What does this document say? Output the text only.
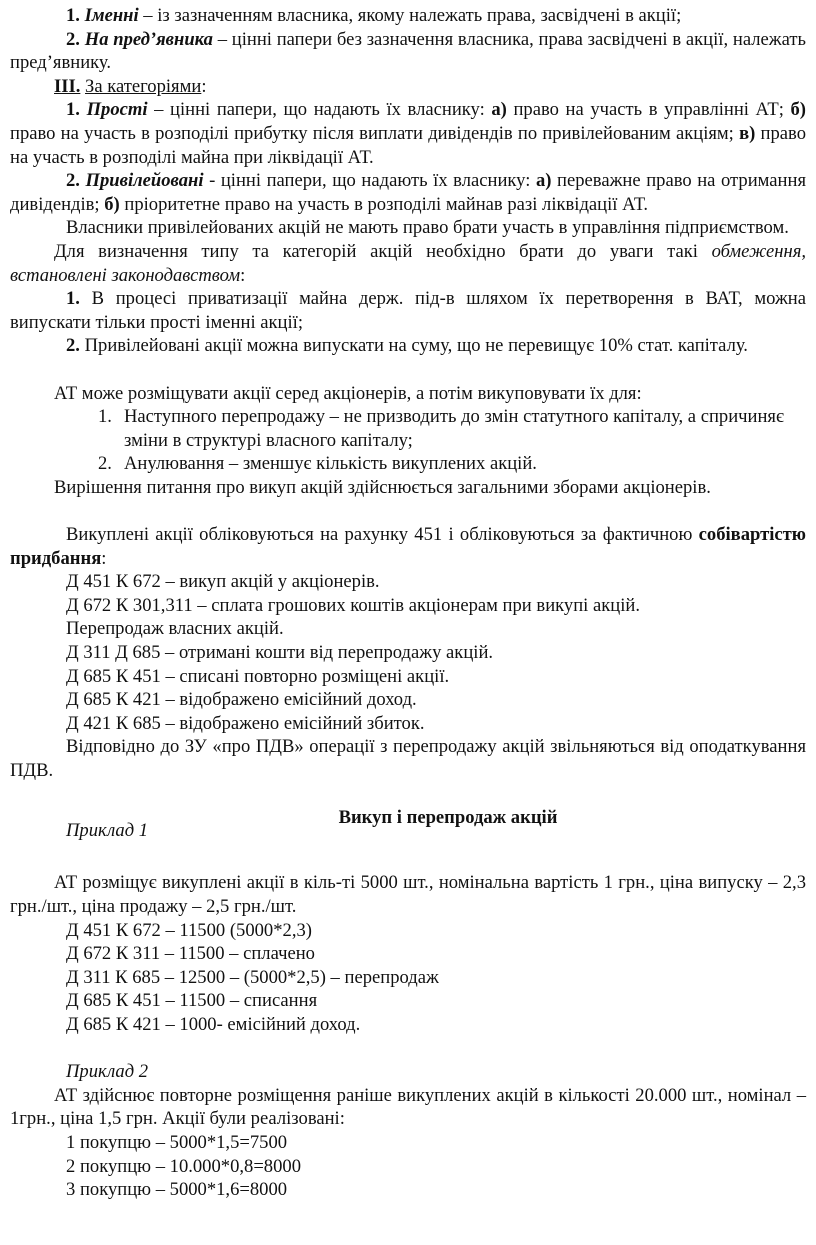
1. Іменні – із зазначенням власника, якому належать права, засвідчені в акції;

2. На пред’явника – цінні папери без зазначення власника, права засвідчені в акції, належать пред’явнику.

ІІІ. За категоріями:

1. Прості – цінні папери, що надають їх власнику: а) право на участь в управлінні АТ; б) право на участь в розподілі прибутку після виплати дивідендів по привілейованим акціям; в) право на участь в розподілі майна при ліквідації АТ.

2. Привілейовані - цінні папери, що надають їх власнику: а) переважне право на отримання дивідендів; б) пріоритетне право на участь в розподілі майнав разі ліквідації АТ.

Власники привілейованих акцій не мають право брати участь в управління підприємством.

Для визначення типу та категорій акцій необхідно брати до уваги такі обмеження, встановлені законодавством:

1. В процесі приватизації майна держ. під-в шляхом їх перетворення в ВАТ, можна випускати тільки прості іменні акції;

2. Привілейовані акції можна випускати на суму, що не перевищує 10% стат. капіталу.

АТ може розміщувати акції серед акціонерів, а потім викуповувати їх для:

1. Наступного перепродажу – не призводить до змін статутного капіталу, а спричиняє зміни в структурі власного капіталу;
2. Анулювання – зменшує кількість викуплених акцій.

Вирішення питання про викуп акцій здійснюється загальними зборами акціонерів.

Викуплені акції обліковуються на рахунку 451 і обліковуються за фактичною собівартістю придбання:

Д 451 К 672 – викуп акцій у акціонерів.

Д 672 К 301,311 – сплата грошових коштів акціонерам при викупі акцій.

Перепродаж власних акцій.

Д 311 Д 685 – отримані кошти від перепродажу акцій.

Д 685 К 451 – списані повторно розміщені акції.

Д 685 К 421 – відображено емісійний доход.

Д 421 К 685 – відображено емісійний збиток.

Відповідно до ЗУ «про ПДВ» операції з перепродажу акцій звільняються від оподаткування ПДВ.

Викуп і перепродаж акцій
Приклад 1

АТ розміщує викуплені акції в кіль-ті 5000 шт., номінальна вартість 1 грн., ціна випуску – 2,3 грн./шт., ціна продажу – 2,5 грн./шт.

Д 451 К 672 – 11500 (5000*2,3)

Д 672 К 311 – 11500 – сплачено

Д 311 К 685 – 12500 – (5000*2,5) – перепродаж

Д 685 К 451 – 11500 – списання

Д 685 К 421 – 1000- емісійний доход.

Приклад 2

АТ здійснює повторне розміщення раніше викуплених акцій в кількості 20.000 шт., номінал – 1грн., ціна 1,5 грн. Акції були реалізовані:

1 покупцю – 5000*1,5=7500

2 покупцю – 10.000*0,8=8000

3 покупцю – 5000*1,6=8000
